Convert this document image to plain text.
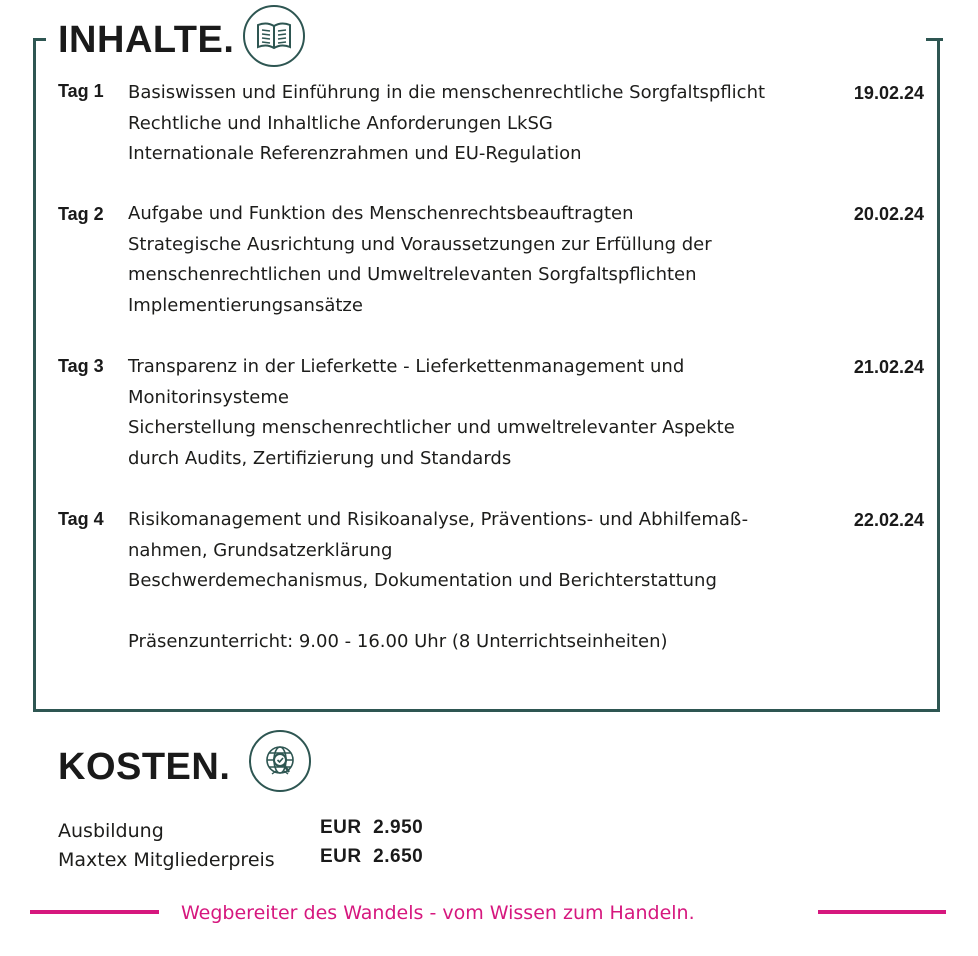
INHALTE.
Tag 1 Basiswissen und Einführung in die menschenrechtliche Sorgfaltspflicht
Rechtliche und Inhaltliche Anforderungen LkSG
Internationale Referenzrahmen und EU-Regulation
19.02.24
Tag 2 Aufgabe und Funktion des Menschenrechtsbeauftragten
Strategische Ausrichtung und Voraussetzungen zur Erfüllung der
menschenrechtlichen und Umweltrelevanten Sorgfaltspflichten
Implementierungsansätze
20.02.24
Tag 3 Transparenz in der Lieferkette - Lieferkettenmanagement und
Monitorinsysteme
Sicherstellung menschenrechtlicher und umweltrelevanter Aspekte
durch Audits, Zertifizierung und Standards
21.02.24
Tag 4 Risikomanagement und Risikoanalyse, Präventions- und Abhilfemaß-
nahmen, Grundsatzerklärung
Beschwerdemechanismus, Dokumentation und Berichterstattung
22.02.24
Präsenzunterricht: 9.00 - 16.00 Uhr (8 Unterrichtseinheiten)
KOSTEN.
Ausbildung	EUR  2.950
Maxtex Mitgliederpreis EUR  2.650
Wegbereiter des Wandels - vom Wissen zum Handeln.
